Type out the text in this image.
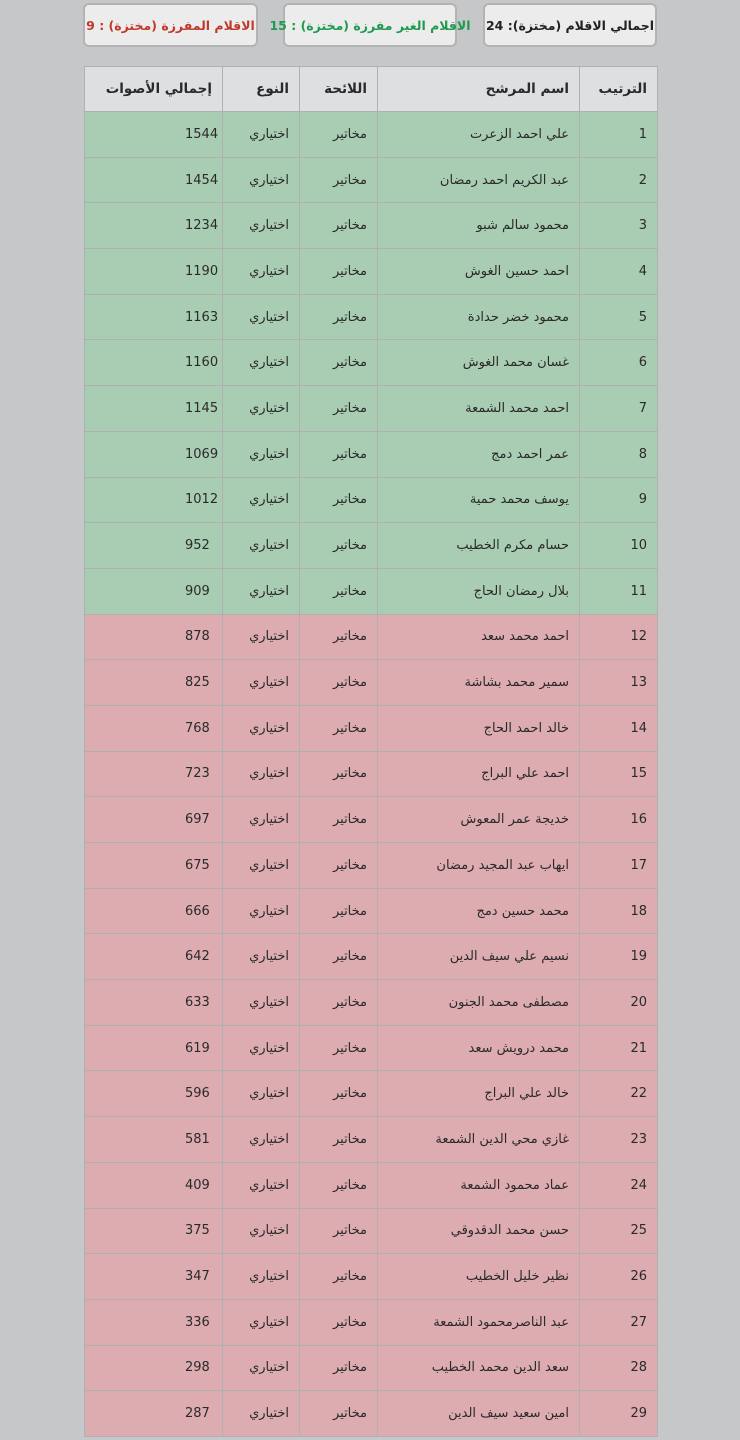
اجمالي الاقلام (مختزة): 24
الاقلام الغير مفرزة (مختزة) : 15
الاقلام المفرزة (مختزة) : 9
الترتيب	اسم المرشح	اللائحة	النوع	إجمالي الأصوات
1	علي احمد الزعرت	مخاتير	اختياري	1544
2	عبد الكريم احمد رمضان	مخاتير	اختياري	1454
3	محمود سالم شبو	مخاتير	اختياري	1234
4	احمد حسين الغوش	مخاتير	اختياري	1190
5	محمود خضر حدادة	مخاتير	اختياري	1163
6	غسان محمد الغوش	مخاتير	اختياري	1160
7	احمد محمد الشمعة	مخاتير	اختياري	1145
8	عمر احمد دمج	مخاتير	اختياري	1069
9	يوسف محمد حمية	مخاتير	اختياري	1012
10	حسام مكرم الخطيب	مخاتير	اختياري	952
11	بلال رمضان الحاج	مخاتير	اختياري	909
12	احمد محمد سعد	مخاتير	اختياري	878
13	سمير محمد بشاشة	مخاتير	اختياري	825
14	خالد احمد الحاج	مخاتير	اختياري	768
15	احمد علي البراج	مخاتير	اختياري	723
16	خديجة عمر المعوش	مخاتير	اختياري	697
17	ايهاب عبد المجيد رمضان	مخاتير	اختياري	675
18	محمد حسين دمج	مخاتير	اختياري	666
19	نسيم علي سيف الدين	مخاتير	اختياري	642
20	مصطفى محمد الجنون	مخاتير	اختياري	633
21	محمد درويش سعد	مخاتير	اختياري	619
22	خالد علي البراج	مخاتير	اختياري	596
23	غازي محي الدين الشمعة	مخاتير	اختياري	581
24	عماد محمود الشمعة	مخاتير	اختياري	409
25	حسن محمد الدقدوقي	مخاتير	اختياري	375
26	نظير خليل الخطيب	مخاتير	اختياري	347
27	عبد الناصرمحمود الشمعة	مخاتير	اختياري	336
28	سعد الدين محمد الخطيب	مخاتير	اختياري	298
29	امين سعيد سيف الدين	مخاتير	اختياري	287
